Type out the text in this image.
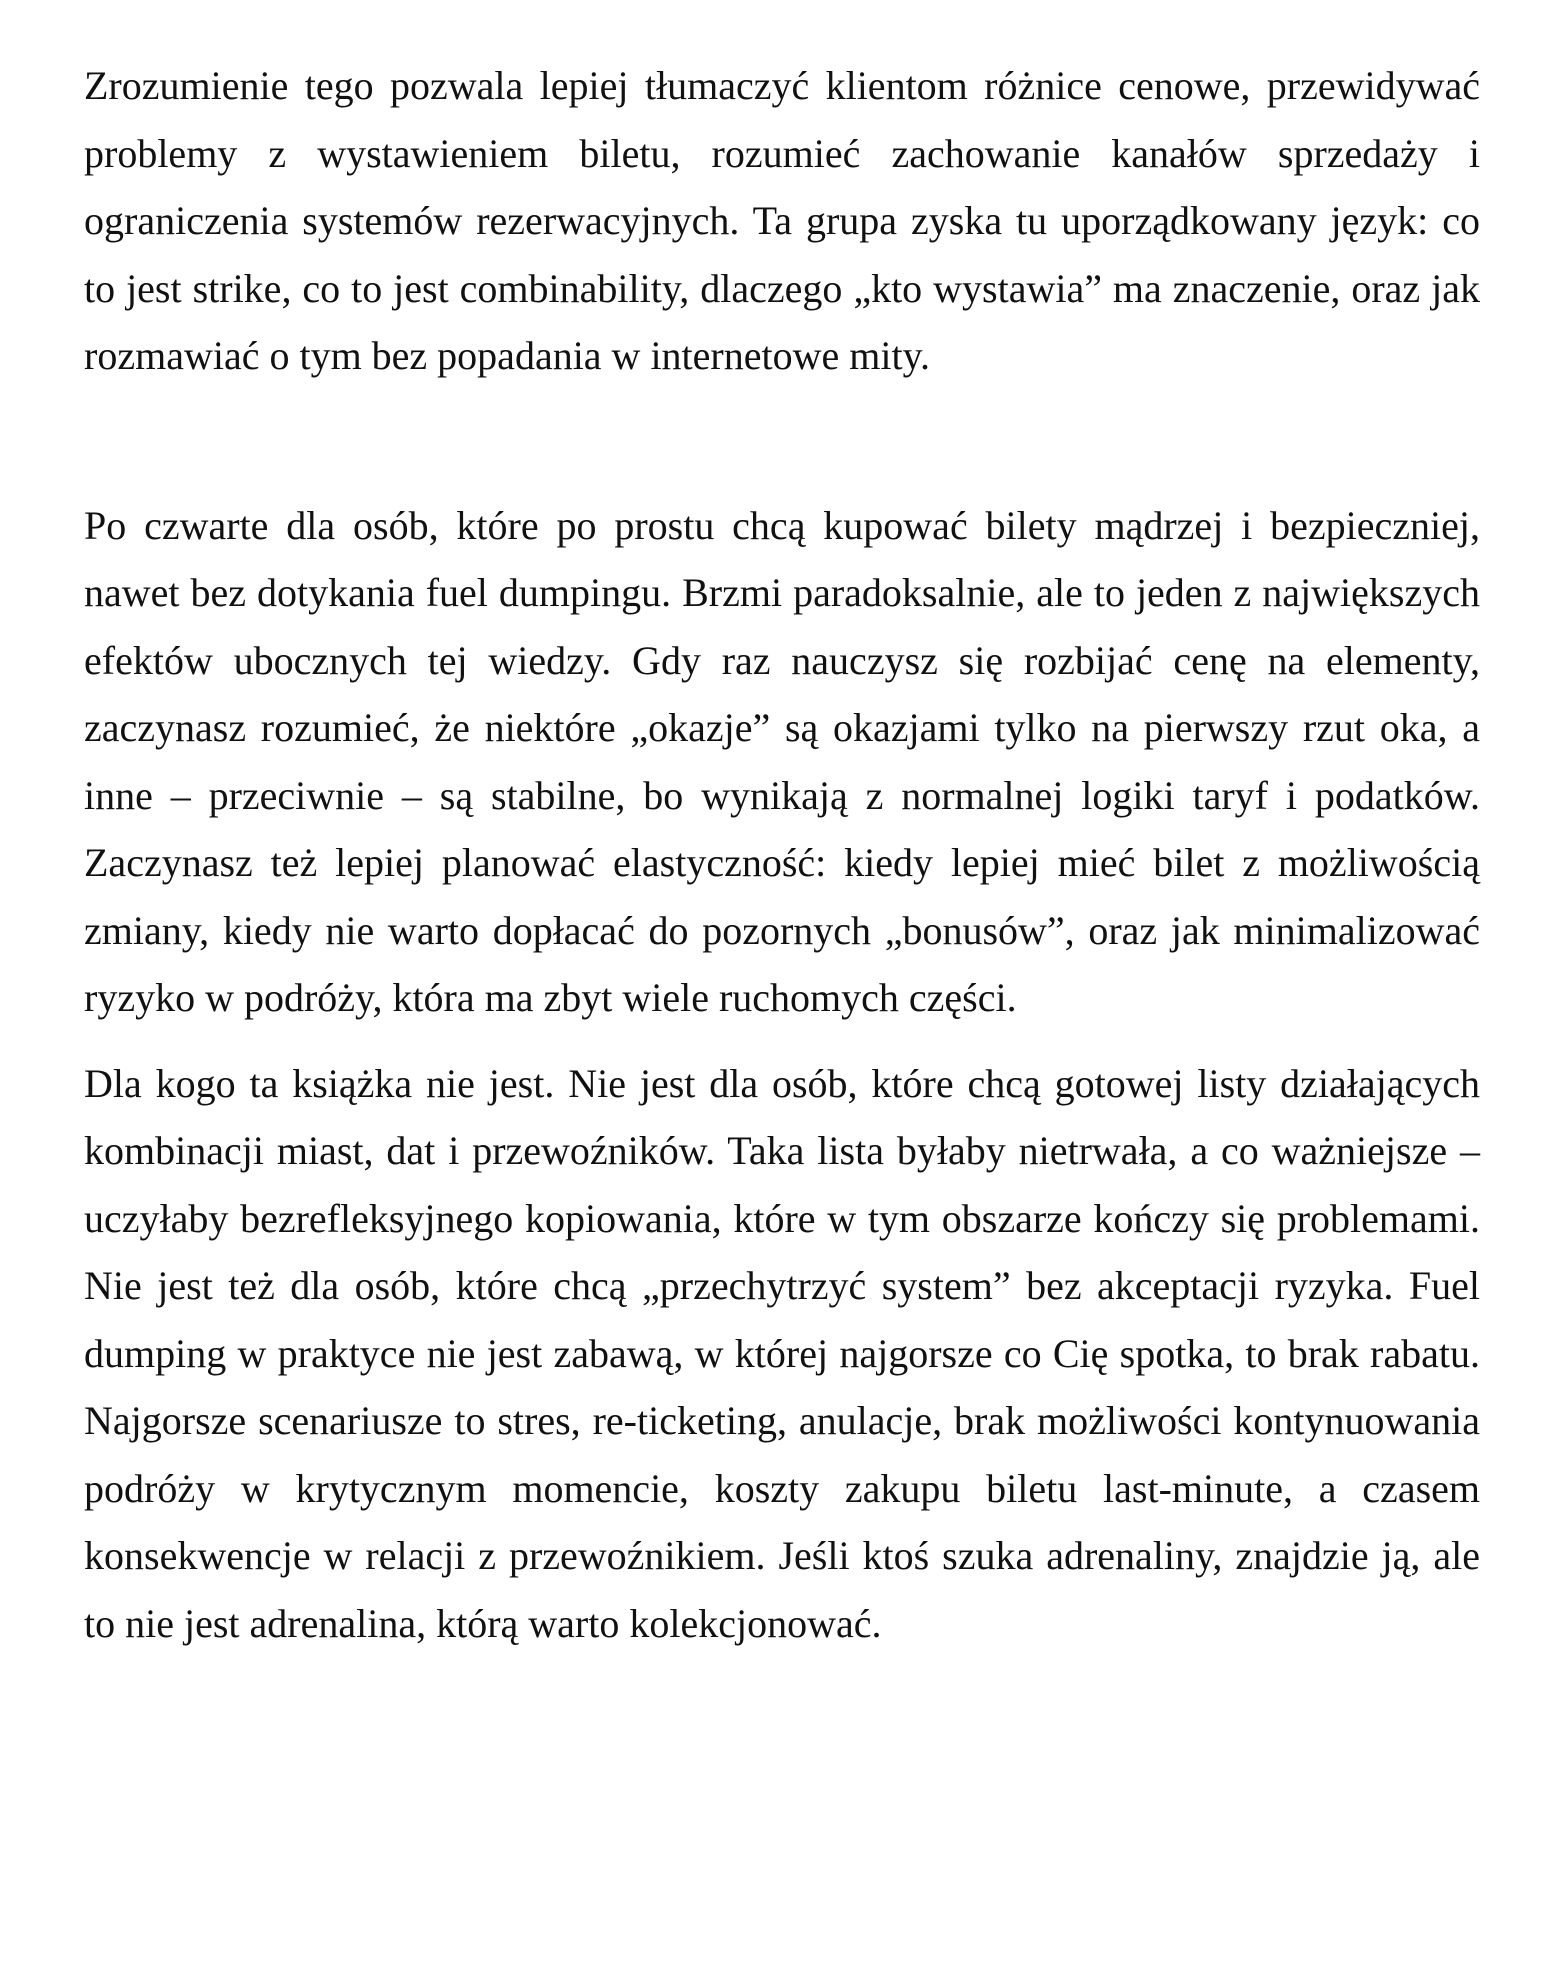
Zrozumienie tego pozwala lepiej tłumaczyć klientom różnice cenowe, przewidywać problemy z wystawieniem biletu, rozumieć zachowanie kanałów sprzedaży i ograniczenia systemów rezerwacyjnych. Ta grupa zyska tu uporządkowany język: co to jest strike, co to jest combinability, dlaczego „kto wystawia” ma znaczenie, oraz jak rozmawiać o tym bez popadania w internetowe mity.

Po czwarte dla osób, które po prostu chcą kupować bilety mądrzej i bezpieczniej, nawet bez dotykania fuel dumpingu. Brzmi paradoksalnie, ale to jeden z największych efektów ubocznych tej wiedzy. Gdy raz nauczysz się rozbijać cenę na elementy, zaczynasz rozumieć, że niektóre „okazje” są okazjami tylko na pierwszy rzut oka, a inne – przeciwnie – są stabilne, bo wynikają z normalnej logiki taryf i podatków. Zaczynasz też lepiej planować elastyczność: kiedy lepiej mieć bilet z możliwością zmiany, kiedy nie warto dopłacać do pozornych „bonusów”, oraz jak minimalizować ryzyko w podróży, która ma zbyt wiele ruchomych części.

Dla kogo ta książka nie jest. Nie jest dla osób, które chcą gotowej listy działających kombinacji miast, dat i przewoźników. Taka lista byłaby nietrwała, a co ważniejsze – uczyłaby bezrefleksyjnego kopiowania, które w tym obszarze kończy się problemami. Nie jest też dla osób, które chcą „przechytrzyć system” bez akceptacji ryzyka. Fuel dumping w praktyce nie jest zabawą, w której najgorsze co Cię spotka, to brak rabatu. Najgorsze scenariusze to stres, re-ticketing, anulacje, brak możliwości kontynuowania podróży w krytycznym momencie, koszty zakupu biletu last-minute, a czasem konsekwencje w relacji z przewoźnikiem. Jeśli ktoś szuka adrenaliny, znajdzie ją, ale to nie jest adrenalina, którą warto kolekcjonować.
